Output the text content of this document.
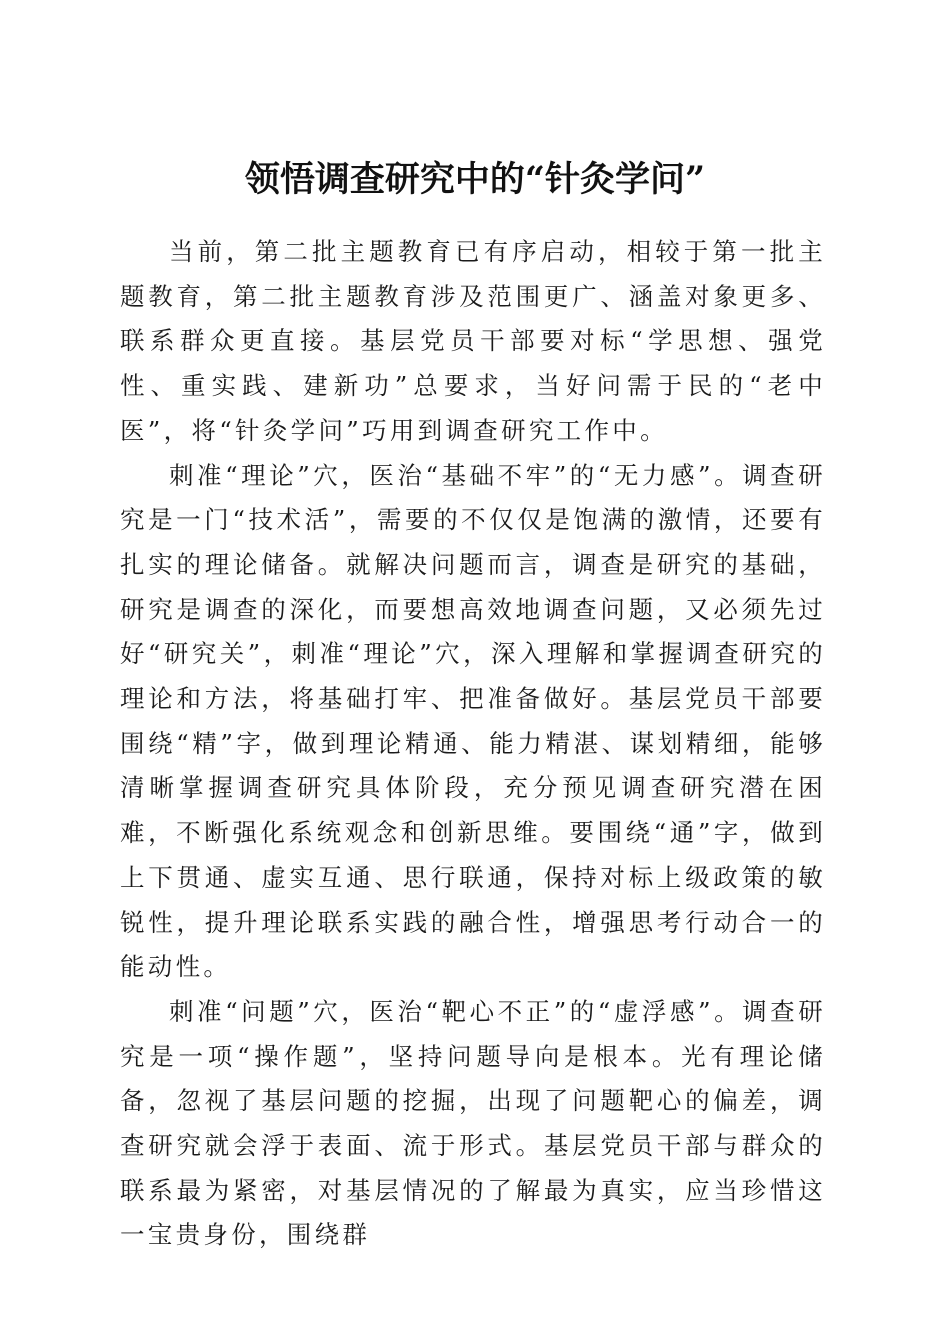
领悟调查研究中的“针灸学问”

当前，第二批主题教育已有序启动，相较于第一批主题教育，第二批主题教育涉及范围更广、涵盖对象更多、联系群众更直接。基层党员干部要对标“学思想、强党性、重实践、建新功”总要求，当好问需于民的“老中医”，将“针灸学问”巧用到调查研究工作中。

刺准“理论”穴，医治“基础不牢”的“无力感”。调查研究是一门“技术活”，需要的不仅仅是饱满的激情，还要有扎实的理论储备。就解决问题而言，调查是研究的基础，研究是调查的深化，而要想高效地调查问题，又必须先过好“研究关”，刺准“理论”穴，深入理解和掌握调查研究的理论和方法，将基础打牢、把准备做好。基层党员干部要围绕“精”字，做到理论精通、能力精湛、谋划精细，能够清晰掌握调查研究具体阶段，充分预见调查研究潜在困难，不断强化系统观念和创新思维。要围绕“通”字，做到上下贯通、虚实互通、思行联通，保持对标上级政策的敏锐性，提升理论联系实践的融合性，增强思考行动合一的能动性。

刺准“问题”穴，医治“靶心不正”的“虚浮感”。调查研究是一项“操作题”，坚持问题导向是根本。光有理论储备，忽视了基层问题的挖掘，出现了问题靶心的偏差，调查研究就会浮于表面、流于形式。基层党员干部与群众的联系最为紧密，对基层情况的了解最为真实，应当珍惜这一宝贵身份，围绕群
